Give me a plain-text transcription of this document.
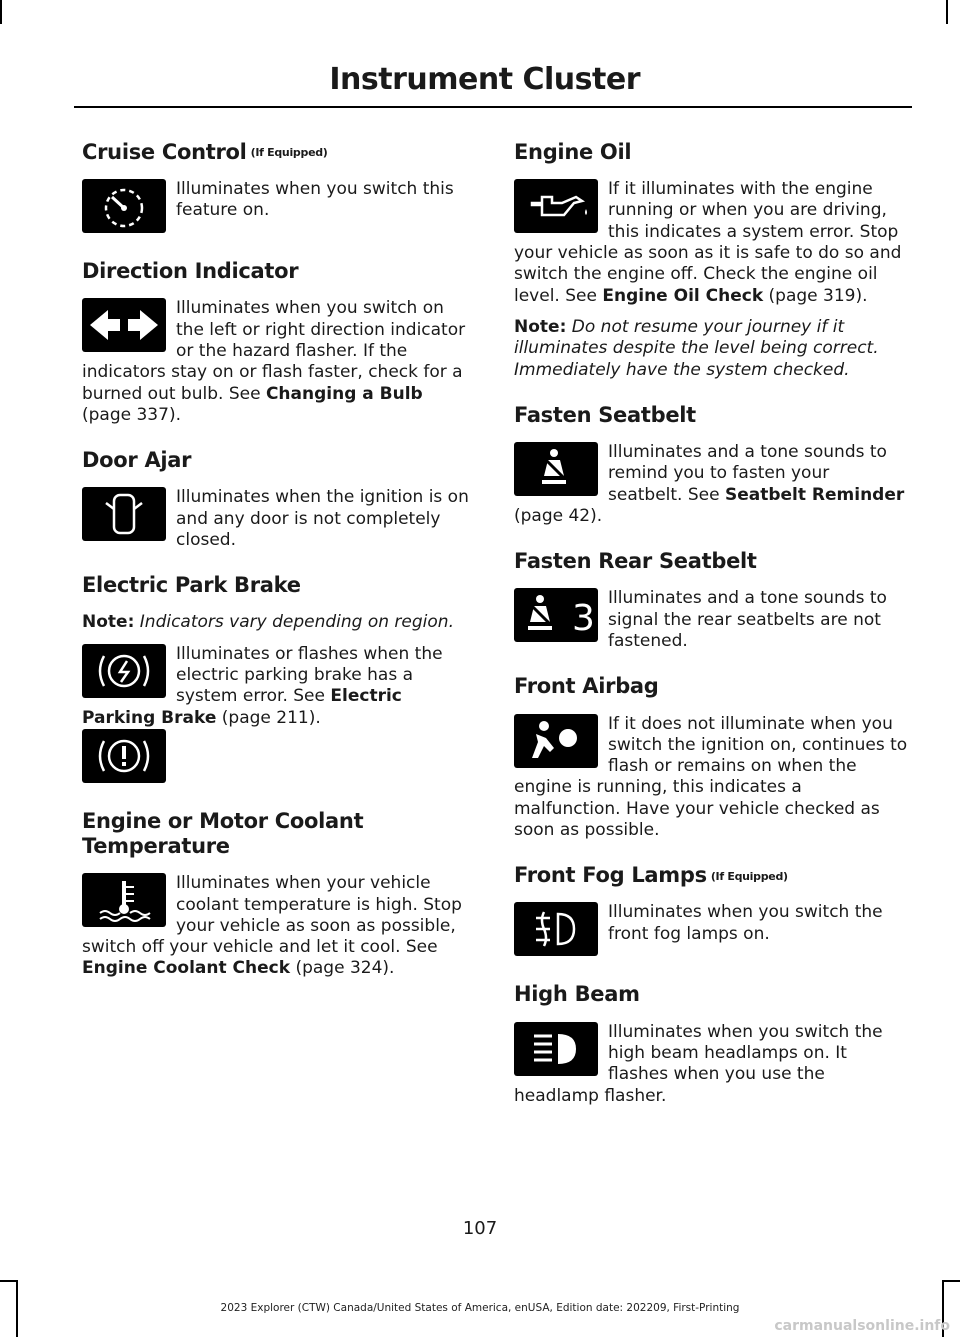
Instrument Cluster
Cruise Control (If Equipped)

Illuminates when you switch this feature on.

Direction Indicator

Illuminates when you switch on the left or right direction indicator or the hazard flasher. If the indicators stay on or flash faster, check for a burned out bulb. See Changing a Bulb (page 337).

Door Ajar

Illuminates when the ignition is on and any door is not completely closed.

Electric Park Brake

Note: Indicators vary depending on region.

Illuminates or flashes when the electric parking brake has a system error. See Electric Parking Brake (page 211).

Engine or Motor Coolant Temperature

Illuminates when your vehicle coolant temperature is high. Stop your vehicle as soon as possible, switch off your vehicle and let it cool. See Engine Coolant Check (page 324).

Engine Oil

If it illuminates with the engine running or when you are driving, this indicates a system error. Stop your vehicle as soon as it is safe to do so and switch the engine off. Check the engine oil level. See Engine Oil Check (page 319).

Note: Do not resume your journey if it illuminates despite the level being correct. Immediately have the system checked.

Fasten Seatbelt

Illuminates and a tone sounds to remind you to fasten your seatbelt. See Seatbelt Reminder (page 42).

Fasten Rear Seatbelt
3 Illuminates and a tone sounds to signal the rear seatbelts are not fastened.

Front Airbag

If it does not illuminate when you switch the ignition on, continues to flash or remains on when the engine is running, this indicates a malfunction. Have your vehicle checked as soon as possible.

Front Fog Lamps (If Equipped)

Illuminates when you switch the front fog lamps on.

High Beam

Illuminates when you switch the high beam headlamps on. It flashes when you use the headlamp flasher.

107
2023 Explorer (CTW) Canada/United States of America, enUSA, Edition date: 202209, First-Printing
carmanualsonline.info
